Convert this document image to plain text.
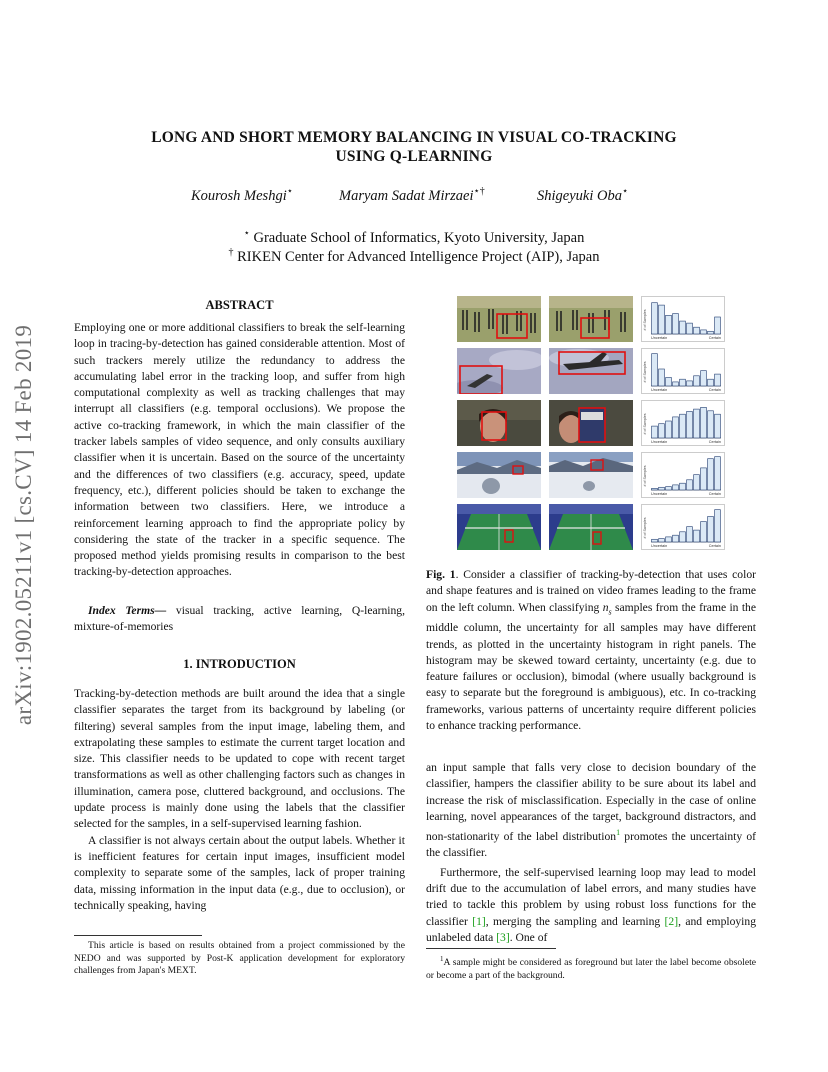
arXiv:1902.05211v1 [cs.CV] 14 Feb 2019
LONG AND SHORT MEMORY BALANCING IN VISUAL CO-TRACKING
USING Q-LEARNING
Kourosh Meshgi⋆	Maryam Sadat Mirzaei⋆†	Shigeyuki Oba⋆
⋆ Graduate School of Informatics, Kyoto University, Japan
† RIKEN Center for Advanced Intelligence Project (AIP), Japan
ABSTRACT

Employing one or more additional classifiers to break the self-learning loop in tracing-by-detection has gained considerable attention. Most of such trackers merely utilize the redundancy to address the accumulating label error in the tracking loop, and suffer from high computational complexity as well as tracking challenges that may interrupt all classifiers (e.g. temporal occlusions). We propose the active co-tracking framework, in which the main classifier of the tracker labels samples of video sequence, and only consults auxiliary classifier when it is uncertain. Based on the source of the uncertainty and the differences of two classifiers (e.g. accuracy, speed, update frequency, etc.), different policies should be taken to exchange the information between two classifiers. Here, we introduce a reinforcement learning approach to find the appropriate policy by considering the state of the tracker in a specific sequence. The proposed method yields promising results in comparison to the best tracking-by-detection approaches.

Index Terms— visual tracking, active learning, Q-learning, mixture-of-memories

1. INTRODUCTION

Tracking-by-detection methods are built around the idea that a single classifier separates the target from its background by labeling (or filtering) several samples from the input image, labeling them, and extrapolating these samples to estimate the current target location and size. This classifier needs to be updated to cope with recent target transformations as well as other challenging factors such as changes in illumination, camera pose, cluttered background, and occlusions. The update process is mainly done using the labels that the classifier selected for the samples, in a self-supervised learning fashion.

A classifier is not always certain about the output labels. Whether it is inefficient features for certain input images, insufficient model complexity to separate some of the samples, lack of proper training data, missing information in the input data (e.g., due to occlusion), or technically speaking, having

This article is based on results obtained from a project commissioned by the NEDO and was supported by Post-K application development for exploratory challenges from Japan's MEXT.

# of Samples
Uncertain	Certain
# of Samples
Uncertain	Certain
# of Samples
Uncertain	Certain
# of Samples
Uncertain	Certain
# of Samples
Uncertain	Certain

Fig. 1. Consider a classifier of tracking-by-detection that uses color and shape features and is trained on video frames leading to the frame on the left column. When classifying $n_s$ samples from the frame in the middle column, the uncertainty for all samples may have different trends, as plotted in the uncertainty histogram in right panels. The histogram may be skewed toward certainty, uncertainty (e.g. due to feature failures or occlusion), bimodal (where usually background is easy to separate but the foreground is ambiguous), etc. In co-tracking frameworks, various patterns of uncertainty require different policies to enhance tracking performance.

an input sample that falls very close to decision boundary of the classifier, hampers the classifier ability to be sure about its label and increase the risk of misclassification. Especially in the case of online learning, novel appearances of the target, background distractors, and non-stationarity of the label distribution$^1$ promotes the uncertainty of the classifier.

Furthermore, the self-supervised learning loop may lead to model drift due to the accumulation of label errors, and many studies have tried to tackle this problem by using robust loss functions for the classifier [1], merging the sampling and learning [2], and employing unlabeled data [3]. One of

$^1$A sample might be considered as foreground but later the label become obsolete or become a part of the background.
